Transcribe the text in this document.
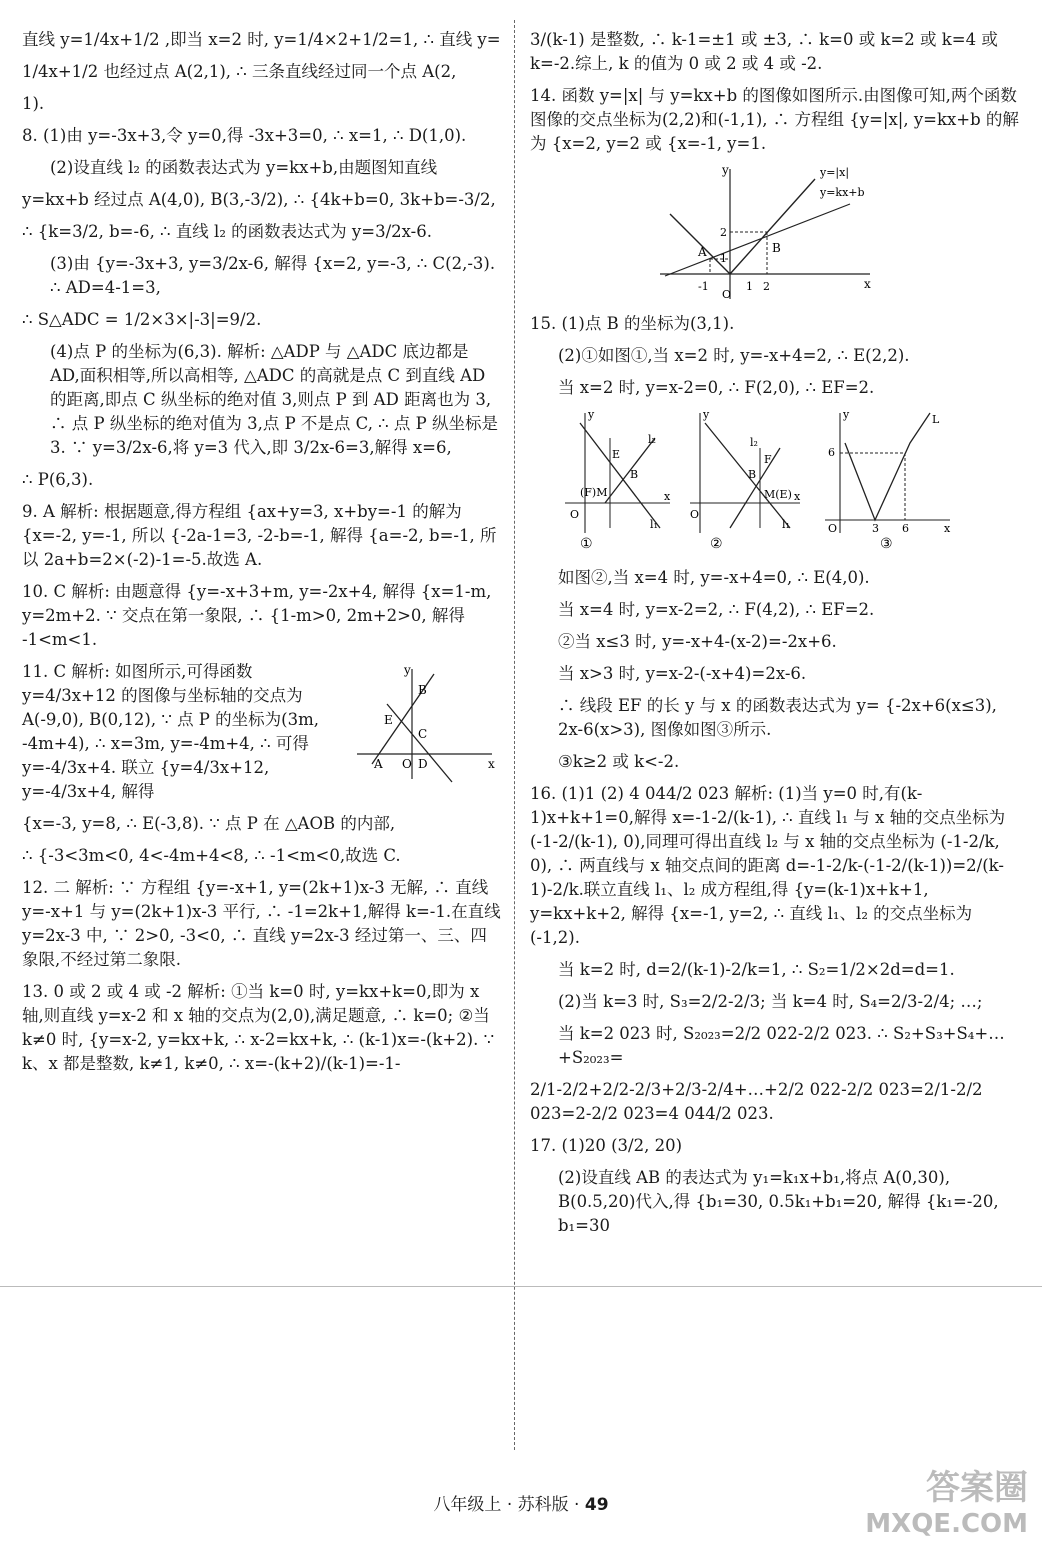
直线 y=1/4x+1/2 ,即当 x=2 时, y=1/4×2+1/2=1, ∴ 直线 y=

1/4x+1/2 也经过点 A(2,1), ∴ 三条直线经过同一个点 A(2,

1).

8. (1)由 y=-3x+3,令 y=0,得 -3x+3=0, ∴ x=1, ∴ D(1,0).

(2)设直线 l₂ 的函数表达式为 y=kx+b,由题图知直线

y=kx+b 经过点 A(4,0), B(3,-3/2), ∴ {4k+b=0, 3k+b=-3/2,

∴ {k=3/2, b=-6, ∴ 直线 l₂ 的函数表达式为 y=3/2x-6.

(3)由 {y=-3x+3, y=3/2x-6, 解得 {x=2, y=-3, ∴ C(2,-3). ∴ AD=4-1=3,

∴ S△ADC = 1/2×3×|-3|=9/2.

(4)点 P 的坐标为(6,3). 解析: △ADP 与 △ADC 底边都是 AD,面积相等,所以高相等, △ADC 的高就是点 C 到直线 AD 的距离,即点 C 纵坐标的绝对值 3,则点 P 到 AD 距离也为 3, ∴ 点 P 纵坐标的绝对值为 3,点 P 不是点 C, ∴ 点 P 纵坐标是 3. ∵ y=3/2x-6,将 y=3 代入,即 3/2x-6=3,解得 x=6,

∴ P(6,3).

9. A 解析: 根据题意,得方程组 {ax+y=3, x+by=-1 的解为 {x=-2, y=-1, 所以 {-2a-1=3, -2-b=-1, 解得 {a=-2, b=-1, 所以 2a+b=2×(-2)-1=-5.故选 A.

10. C 解析: 由题意得 {y=-x+3+m, y=-2x+4, 解得 {x=1-m, y=2m+2. ∵ 交点在第一象限, ∴ {1-m>0, 2m+2>0, 解得 -1<m<1.

11. C 解析: 如图所示,可得函数 y=4/3x+12 的图像与坐标轴的交点为 A(-9,0), B(0,12), ∵ 点 P 的坐标为(3m, -4m+4), ∴ x=3m, y=-4m+4, ∴ 可得 y=-4/3x+4. 联立 {y=4/3x+12, y=-4/3x+4, 解得

y
x
B
E
C
A O D

{x=-3, y=8, ∴ E(-3,8). ∵ 点 P 在 △AOB 的内部,

∴ {-3<3m<0, 4<-4m+4<8, ∴ -1<m<0,故选 C.

12. 二 解析: ∵ 方程组 {y=-x+1, y=(2k+1)x-3 无解, ∴ 直线 y=-x+1 与 y=(2k+1)x-3 平行, ∴ -1=2k+1,解得 k=-1.在直线 y=2x-3 中, ∵ 2>0, -3<0, ∴ 直线 y=2x-3 经过第一、三、四象限,不经过第二象限.

13. 0 或 2 或 4 或 -2 解析: ①当 k=0 时, y=kx+k=0,即为 x 轴,则直线 y=x-2 和 x 轴的交点为(2,0),满足题意, ∴ k=0; ②当 k≠0 时, {y=x-2, y=kx+k, ∴ x-2=kx+k, ∴ (k-1)x=-(k+2). ∵ k、x 都是整数, k≠1, k≠0, ∴ x=-(k+2)/(k-1)=-1-

3/(k-1) 是整数, ∴ k-1=±1 或 ±3, ∴ k=0 或 k=2 或 k=4 或 k=-2.综上, k 的值为 0 或 2 或 4 或 -2.

14. 函数 y=|x| 与 y=kx+b 的图像如图所示.由图像可知,两个函数图像的交点坐标为(2,2)和(-1,1), ∴ 方程组 {y=|x|, y=kx+b 的解为 {x=2, y=2 或 {x=-1, y=1.

y=|x|
y=kx+b
A	B
y
x
-1
O
1 2
2
1

15. (1)点 B 的坐标为(3,1).

(2)①如图①,当 x=2 时, y=-x+4=2, ∴ E(2,2).

当 x=2 时, y=x-2=0, ∴ F(2,0), ∴ EF=2.

①
l₂
l₁
E
B
(F)M
O
x
y
②
l₂
l₁
F
B
M(E)
O
x
y
③
L
6
O	3 6	x
y

如图②,当 x=4 时, y=-x+4=0, ∴ E(4,0).

当 x=4 时, y=x-2=2, ∴ F(4,2), ∴ EF=2.

②当 x≤3 时, y=-x+4-(x-2)=-2x+6.

当 x>3 时, y=x-2-(-x+4)=2x-6.

∴ 线段 EF 的长 y 与 x 的函数表达式为 y= {-2x+6(x≤3), 2x-6(x>3), 图像如图③所示.

③k≥2 或 k<-2.

16. (1)1 (2) 4 044/2 023 解析: (1)当 y=0 时,有(k-1)x+k+1=0,解得 x=-1-2/(k-1), ∴ 直线 l₁ 与 x 轴的交点坐标为 (-1-2/(k-1), 0),同理可得出直线 l₂ 与 x 轴的交点坐标为 (-1-2/k, 0), ∴ 两直线与 x 轴交点间的距离 d=-1-2/k-(-1-2/(k-1))=2/(k-1)-2/k.联立直线 l₁、l₂ 成方程组,得 {y=(k-1)x+k+1, y=kx+k+2, 解得 {x=-1, y=2, ∴ 直线 l₁、l₂ 的交点坐标为(-1,2).

当 k=2 时, d=2/(k-1)-2/k=1, ∴ S₂=1/2×2d=d=1.

(2)当 k=3 时, S₃=2/2-2/3; 当 k=4 时, S₄=2/3-2/4; …;

当 k=2 023 时, S₂₀₂₃=2/2 022-2/2 023. ∴ S₂+S₃+S₄+…+S₂₀₂₃=

2/1-2/2+2/2-2/3+2/3-2/4+…+2/2 022-2/2 023=2/1-2/2 023=2-2/2 023=4 044/2 023.

17. (1)20 (3/2, 20)

(2)设直线 AB 的表达式为 y₁=k₁x+b₁,将点 A(0,30), B(0.5,20)代入,得 {b₁=30, 0.5k₁+b₁=20, 解得 {k₁=-20, b₁=30

八年级上 · 苏科版 · 49	答案圈
MXQE.COM
